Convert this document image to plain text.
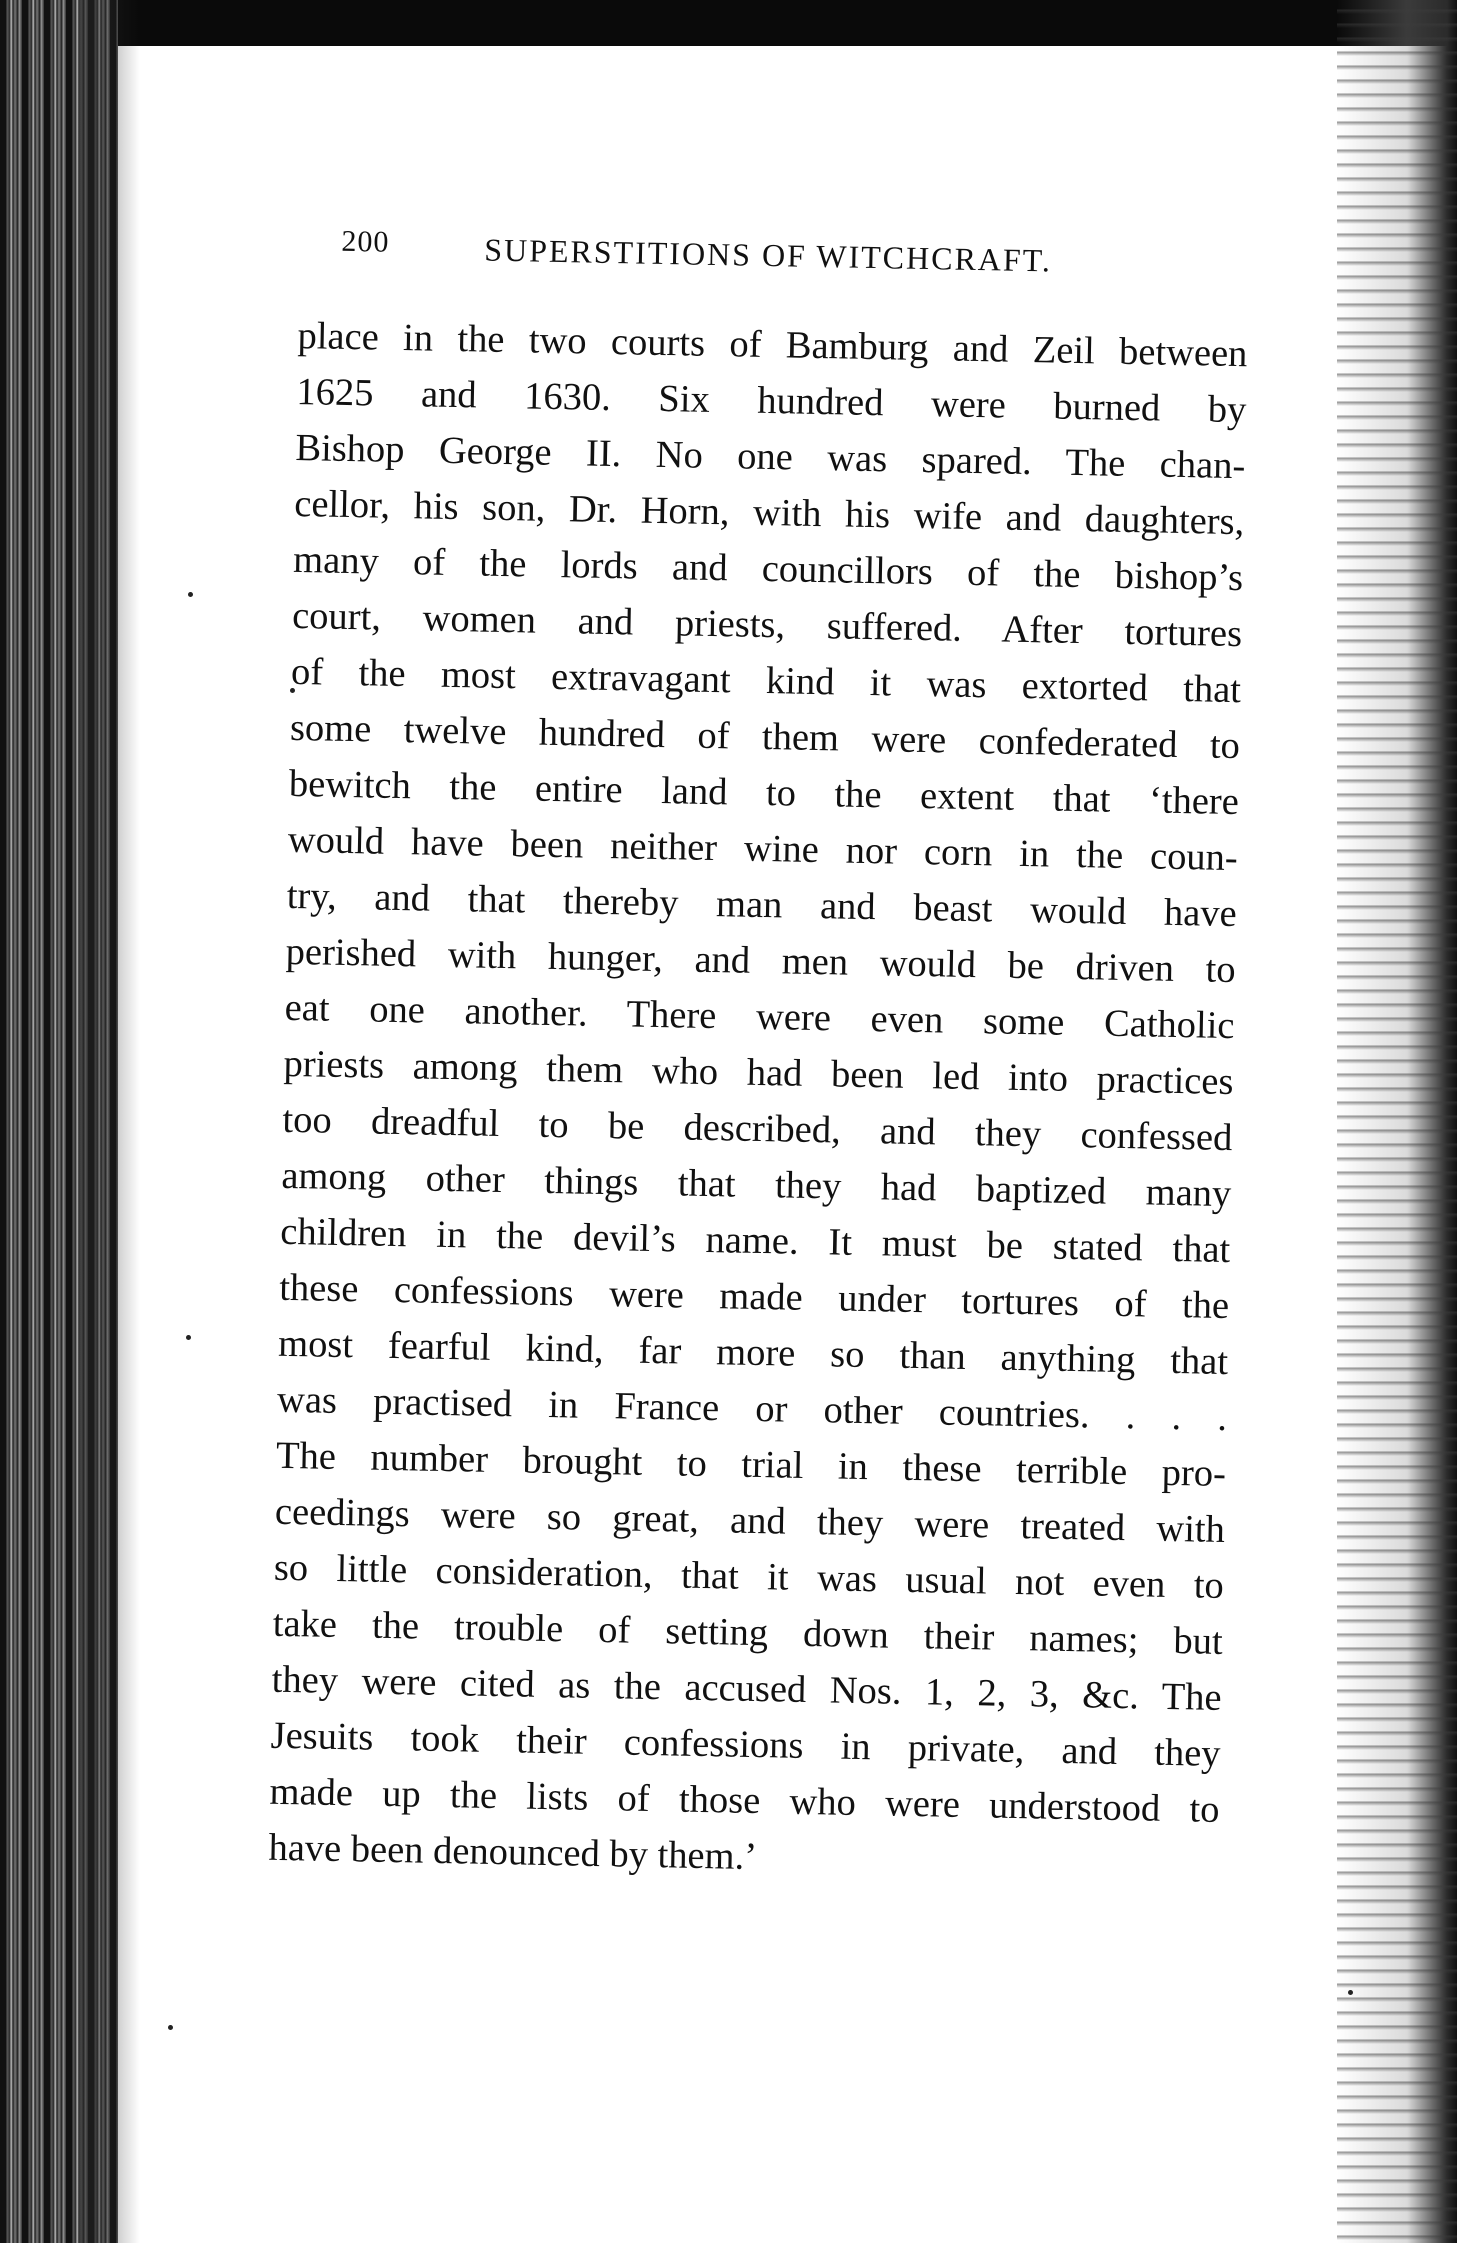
200	SUPERSTITIONS OF WITCHCRAFT.
place in the two courts of Bamburg and Zeil between
1625 and 1630. Six hundred were burned by
Bishop George II. No one was spared. The chan-
cellor, his son, Dr. Horn, with his wife and daughters,
many of the lords and councillors of the bishop’s
court, women and priests, suffered. After tortures
of the most extravagant kind it was extorted that
some twelve hundred of them were confederated to
bewitch the entire land to the extent that ‘there
would have been neither wine nor corn in the coun-
try, and that thereby man and beast would have
perished with hunger, and men would be driven to
eat one another. There were even some Catholic
priests among them who had been led into practices
too dreadful to be described, and they confessed
among other things that they had baptized many
children in the devil’s name. It must be stated that
these confessions were made under tortures of the
most fearful kind, far more so than anything that
was practised in France or other countries. . . .
The number brought to trial in these terrible pro-
ceedings were so great, and they were treated with
so little consideration, that it was usual not even to
take the trouble of setting down their names; but
they were cited as the accused Nos. 1, 2, 3, &c. The
Jesuits took their confessions in private, and they
made up the lists of those who were understood to
have been denounced by them.’
